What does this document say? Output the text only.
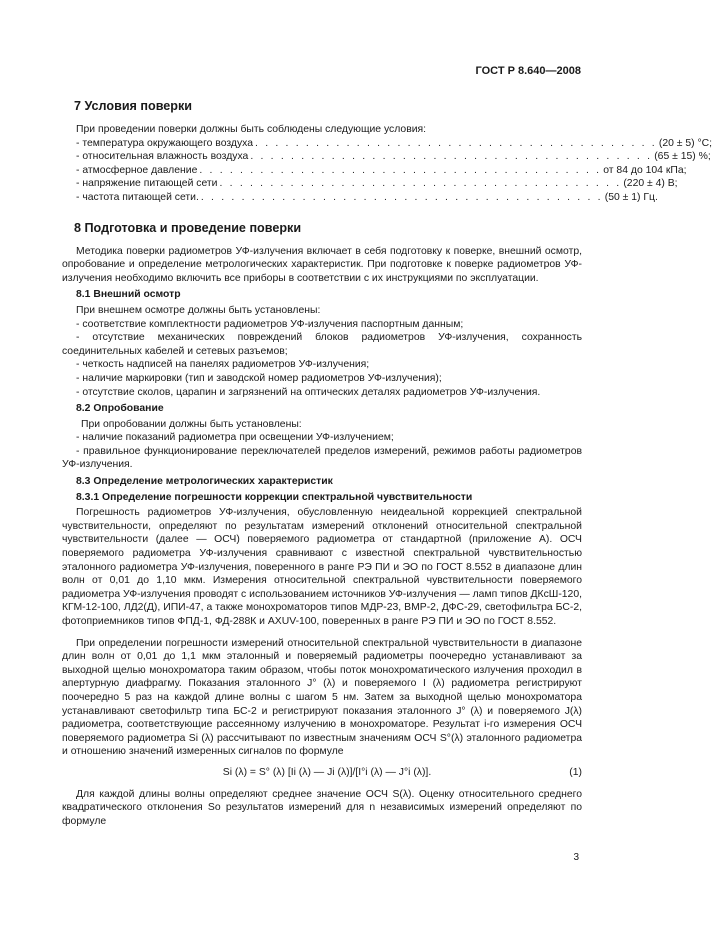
ГОСТ Р 8.640—2008
7 Условия поверки

При проведении поверки должны быть соблюдены следующие условия:

- температура окружающего воздуха . . . . . . . . . . . . . . . . . . . . . . . . . . . . . . . . . . . . . . . . (20 ± 5) °С;
- относительная влажность воздуха . . . . . . . . . . . . . . . . . . . . . . . . . . . . . . . . . . . . . . . . (65 ± 15) %;
- атмосферное давление . . . . . . . . . . . . . . . . . . . . . . . . . . . . . . . . . . . . . . . . от 84 до 104 кПа;
- напряжение питающей сети . . . . . . . . . . . . . . . . . . . . . . . . . . . . . . . . . . . . . . . . (220 ± 4) В;
- частота питающей сети. . . . . . . . . . . . . . . . . . . . . . . . . . . . . . . . . . . . . . . . . (50 ± 1) Гц.
8 Подготовка и проведение поверки

Методика поверки радиометров УФ-излучения включает в себя подготовку к поверке, внешний осмотр, опробование и определение метрологических характеристик. При подготовке к поверке радиометров УФ-излучения необходимо включить все приборы в соответствии с их инструкциями по эксплуатации.

8.1 Внешний осмотр

При внешнем осмотре должны быть установлены:

- соответствие комплектности радиометров УФ-излучения паспортным данным;

- отсутствие механических повреждений блоков радиометров УФ-излучения, сохранность соединительных кабелей и сетевых разъемов;

- четкость надписей на панелях радиометров УФ-излучения;

- наличие маркировки (тип и заводской номер радиометров УФ-излучения);

- отсутствие сколов, царапин и загрязнений на оптических деталях радиометров УФ-излучения.

8.2 Опробование

При опробовании должны быть установлены:

- наличие показаний радиометра при освещении УФ-излучением;

- правильное функционирование переключателей пределов измерений, режимов работы радиометров УФ-излучения.

8.3 Определение метрологических характеристик

8.3.1 Определение погрешности коррекции спектральной чувствительности

Погрешность радиометров УФ-излучения, обусловленную неидеальной коррекцией спектральной чувствительности, определяют по результатам измерений отклонений относительной спектральной чувствительности (далее — ОСЧ) поверяемого радиометра от стандартной (приложение А). ОСЧ поверяемого радиометра УФ-излучения сравнивают с известной спектральной чувствительностью эталонного радиометра УФ-излучения, поверенного в ранге РЭ ПИ и ЭО по ГОСТ 8.552 в диапазоне длин волн от 0,01 до 1,10 мкм. Измерения относительной спектральной чувствительности поверяемого радиометра УФ-излучения проводят с использованием источников УФ-излучения — ламп типов ДКсШ-120, КГМ-12-100, ЛД2(Д), ИПИ-47, а также монохроматоров типов МДР-23, ВМР-2, ДФС-29, светофильтра БС-2, фотоприемников типов ФПД-1, ФД-288К и AXUV-100, поверенных в ранге РЭ ПИ и ЭО по ГОСТ 8.552.

При определении погрешности измерений относительной спектральной чувствительности в диапазоне длин волн от 0,01 до 1,1 мкм эталонный и поверяемый радиометры поочередно устанавливают за выходной щелью монохроматора таким образом, чтобы поток монохроматического излучения проходил в апертурную диафрагму. Показания эталонного J° (λ) и поверяемого I (λ) радиометра регистрируют поочередно 5 раз на каждой длине волны с шагом 5 нм. Затем за выходной щелью монохроматора устанавливают светофильтр типа БС-2 и регистрируют показания эталонного J° (λ) и поверяемого J(λ) радиометра, соответствующие рассеянному излучению в монохроматоре. Результат i-го измерения ОСЧ поверяемого радиометра Si (λ) рассчитывают по известным значениям ОСЧ S°(λ) эталонного радиометра и отношению значений измеренных сигналов по формуле

Si (λ) = S° (λ) [Ii (λ) — Ji (λ)]/[I°i (λ) — J°i (λ)].	(1)

Для каждой длины волны определяют среднее значение ОСЧ S(λ). Оценку относительного среднего квадратического отклонения So результатов измерений для n независимых измерений определяют по формуле

3
